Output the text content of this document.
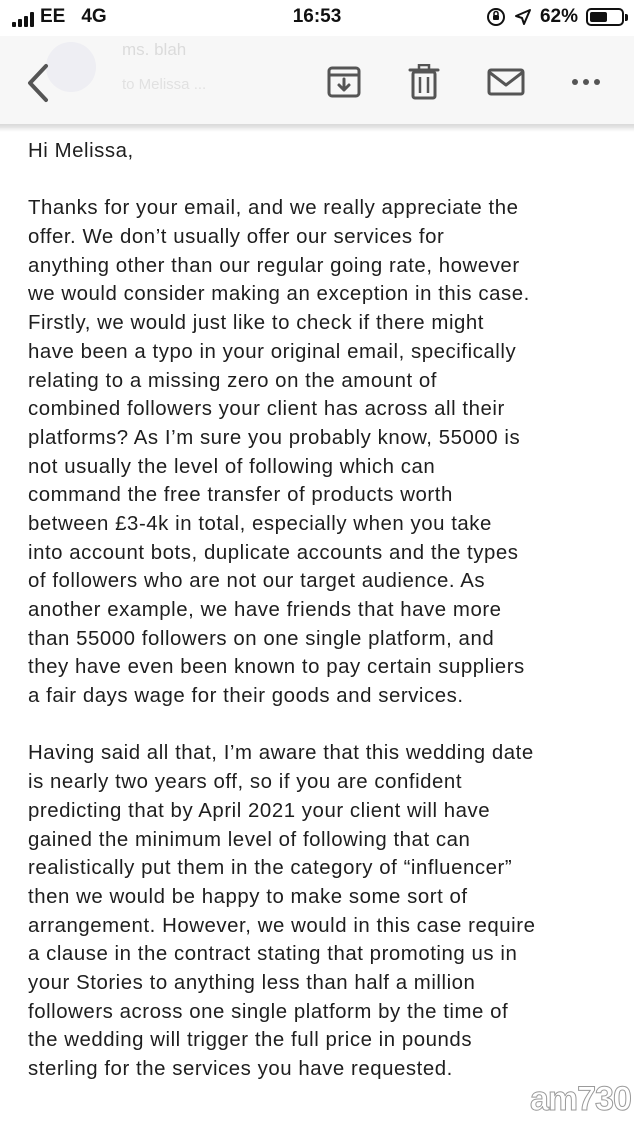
EE 4G	16:53	62%
ms. blah
to Melissa ...
Hi Melissa,
Thanks for your email, and we really appreciate the
offer. We don’t usually offer our services for
anything other than our regular going rate, however
we would consider making an exception in this case.
Firstly, we would just like to check if there might
have been a typo in your original email, specifically
relating to a missing zero on the amount of
combined followers your client has across all their
platforms? As I’m sure you probably know, 55000 is
not usually the level of following which can
command the free transfer of products worth
between £3-4k in total, especially when you take
into account bots, duplicate accounts and the types
of followers who are not our target audience. As
another example, we have friends that have more
than 55000 followers on one single platform, and
they have even been known to pay certain suppliers
a fair days wage for their goods and services.
Having said all that, I’m aware that this wedding date
is nearly two years off, so if you are confident
predicting that by April 2021 your client will have
gained the minimum level of following that can
realistically put them in the category of “influencer”
then we would be happy to make some sort of
arrangement. However, we would in this case require
a clause in the contract stating that promoting us in
your Stories to anything less than half a million
followers across one single platform by the time of
the wedding will trigger the full price in pounds
sterling for the services you have requested.
am730
